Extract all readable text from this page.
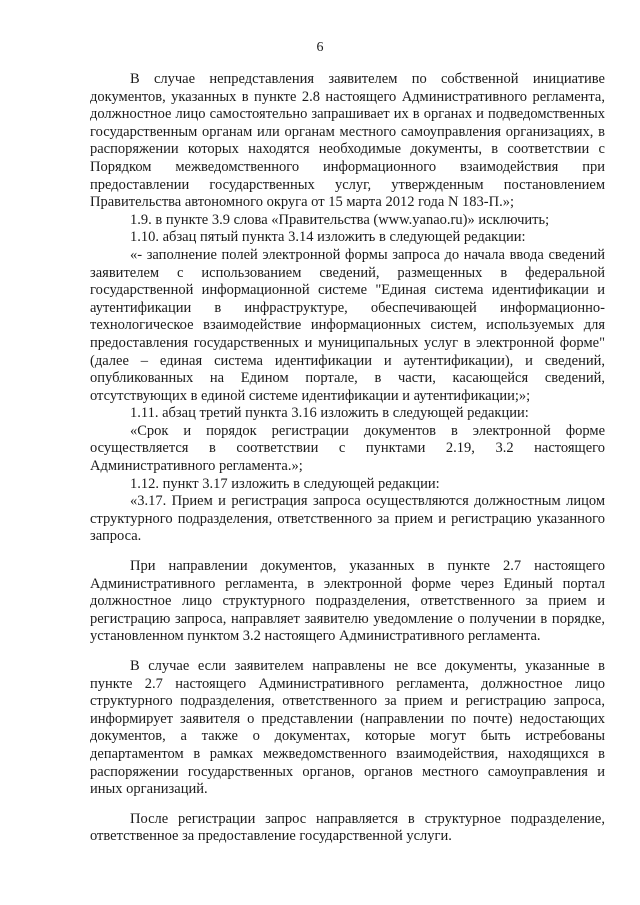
6

В случае непредставления заявителем по собственной инициативе документов, указанных в пункте 2.8 настоящего Административного регламента, должностное лицо самостоятельно запрашивает их в органах и подведомственных государственным органам или органам местного самоуправления организациях, в распоряжении которых находятся необходимые документы, в соответствии с Порядком межведомственного информационного взаимодействия при предоставлении государственных услуг, утвержденным постановлением Правительства автономного округа от 15 марта 2012 года N 183-П.»;

1.9. в пункте 3.9 слова «Правительства (www.yanao.ru)» исключить;

1.10. абзац пятый пункта 3.14 изложить в следующей редакции:

«- заполнение полей электронной формы запроса до начала ввода сведений заявителем с использованием сведений, размещенных в федеральной государственной информационной системе "Единая система идентификации и аутентификации в инфраструктуре, обеспечивающей информационно-технологическое взаимодействие информационных систем, используемых для предоставления государственных и муниципальных услуг в электронной форме" (далее – единая система идентификации и аутентификации), и сведений, опубликованных на Едином портале, в части, касающейся сведений, отсутствующих в единой системе идентификации и аутентификации;»;

1.11. абзац третий пункта 3.16 изложить в следующей редакции:

«Срок и порядок регистрации документов в электронной форме осуществляется в соответствии с пунктами 2.19, 3.2 настоящего Административного регламента.»;

1.12. пункт 3.17 изложить в следующей редакции:

«3.17. Прием и регистрация запроса осуществляются должностным лицом структурного подразделения, ответственного за прием и регистрацию указанного запроса.

При направлении документов, указанных в пункте 2.7 настоящего Административного регламента, в электронной форме через Единый портал должностное лицо структурного подразделения, ответственного за прием и регистрацию запроса, направляет заявителю уведомление о получении в порядке, установленном пунктом 3.2 настоящего Административного регламента.

В случае если заявителем направлены не все документы, указанные в пункте 2.7 настоящего Административного регламента, должностное лицо структурного подразделения, ответственного за прием и регистрацию запроса, информирует заявителя о представлении (направлении по почте) недостающих документов, а также о документах, которые могут быть истребованы департаментом в рамках межведомственного взаимодействия, находящихся в распоряжении государственных органов, органов местного самоуправления и иных организаций.

После регистрации запрос направляется в структурное подразделение, ответственное за предоставление государственной услуги.
